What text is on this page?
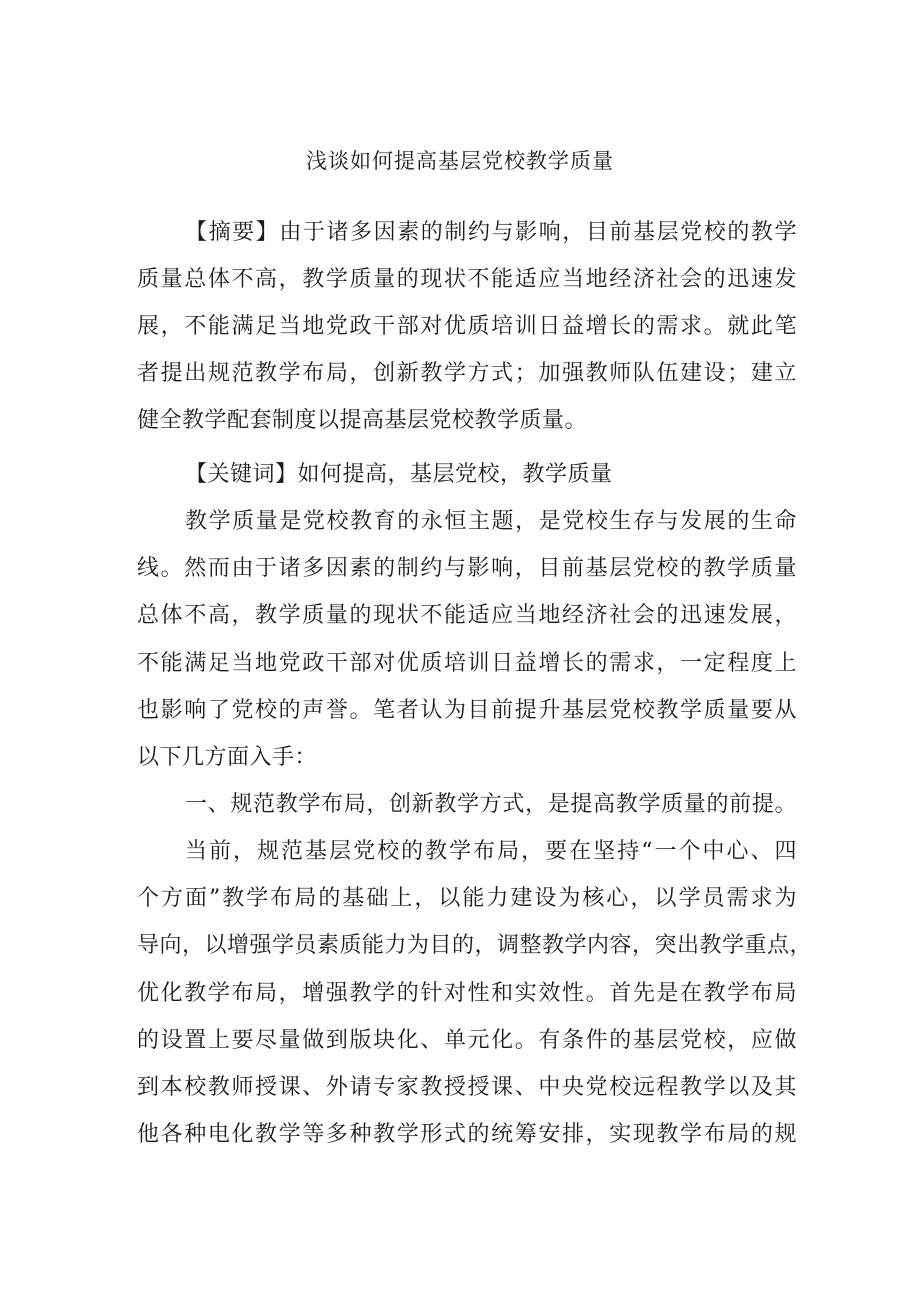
浅谈如何提高基层党校教学质量
【摘要】由于诸多因素的制约与影响，目前基层党校的教学
质量总体不高，教学质量的现状不能适应当地经济社会的迅速发
展，不能满足当地党政干部对优质培训日益增长的需求。就此笔
者提出规范教学布局，创新教学方式；加强教师队伍建设；建立
健全教学配套制度以提高基层党校教学质量。
【关键词】如何提高，基层党校，教学质量
教学质量是党校教育的永恒主题，是党校生存与发展的生命
线。然而由于诸多因素的制约与影响，目前基层党校的教学质量
总体不高，教学质量的现状不能适应当地经济社会的迅速发展，
不能满足当地党政干部对优质培训日益增长的需求，一定程度上
也影响了党校的声誉。笔者认为目前提升基层党校教学质量要从
以下几方面入手：
一、规范教学布局，创新教学方式，是提高教学质量的前提。
当前，规范基层党校的教学布局，要在坚持“一个中心、四
个方面”教学布局的基础上，以能力建设为核心，以学员需求为
导向，以增强学员素质能力为目的，调整教学内容，突出教学重点，
优化教学布局，增强教学的针对性和实效性。首先是在教学布局
的设置上要尽量做到版块化、单元化。有条件的基层党校，应做
到本校教师授课、外请专家教授授课、中央党校远程教学以及其
他各种电化教学等多种教学形式的统筹安排，实现教学布局的规
